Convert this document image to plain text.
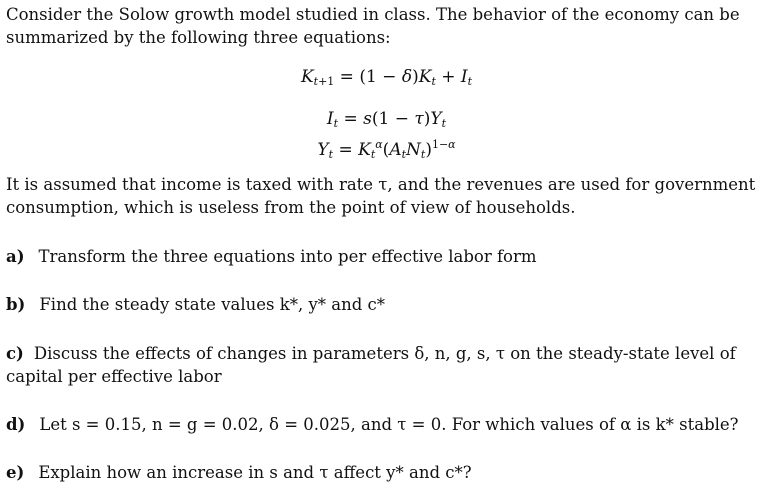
Consider the Solow growth model studied in class. The behavior of the economy can be
summarized by the following three equations:
$K_{t+1} = (1 - \delta)K_t + I_t$
$I_t = s(1 - \tau)Y_t$
$Y_t = K_t^\alpha(A_tN_t)^{1-\alpha}$
It is assumed that income is taxed with rate τ, and the revenues are used for government
consumption, which is useless from the point of view of households.
a) Transform the three equations into per effective labor form
b) Find the steady state values k*, y* and c*
c) Discuss the effects of changes in parameters δ, n, g, s, τ on the steady-state level of
capital per effective labor
d) Let s = 0.15, n = g = 0.02, δ = 0.025, and τ = 0. For which values of α is k* stable?
e) Explain how an increase in s and τ affect y* and c*?
